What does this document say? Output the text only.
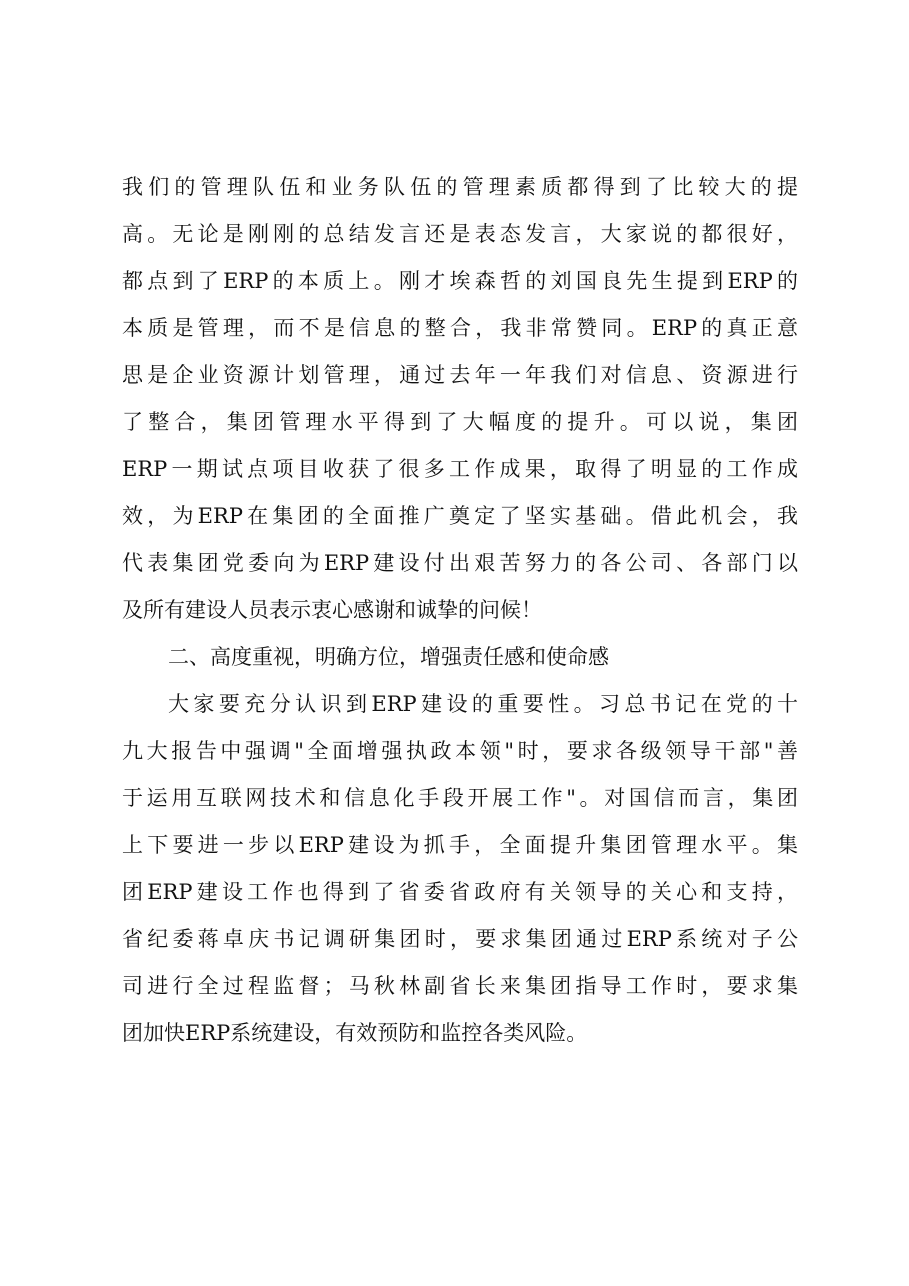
我们的管理队伍和业务队伍的管理素质都得到了比较大的提
高。无论是刚刚的总结发言还是表态发言，大家说的都很好，
都点到了ERP的本质上。刚才埃森哲的刘国良先生提到ERP的
本质是管理，而不是信息的整合，我非常赞同。ERP的真正意
思是企业资源计划管理，通过去年一年我们对信息、资源进行
了整合，集团管理水平得到了大幅度的提升。可以说，集团
ERP一期试点项目收获了很多工作成果，取得了明显的工作成
效，为ERP在集团的全面推广奠定了坚实基础。借此机会，我
代表集团党委向为ERP建设付出艰苦努力的各公司、各部门以
及所有建设人员表示衷心感谢和诚挚的问候！
二、高度重视，明确方位，增强责任感和使命感
大家要充分认识到ERP建设的重要性。习总书记在党的十
九大报告中强调"全面增强执政本领"时，要求各级领导干部"善
于运用互联网技术和信息化手段开展工作"。对国信而言，集团
上下要进一步以ERP建设为抓手，全面提升集团管理水平。集
团ERP建设工作也得到了省委省政府有关领导的关心和支持，
省纪委蒋卓庆书记调研集团时，要求集团通过ERP系统对子公
司进行全过程监督；马秋林副省长来集团指导工作时，要求集
团加快ERP系统建设，有效预防和监控各类风险。
